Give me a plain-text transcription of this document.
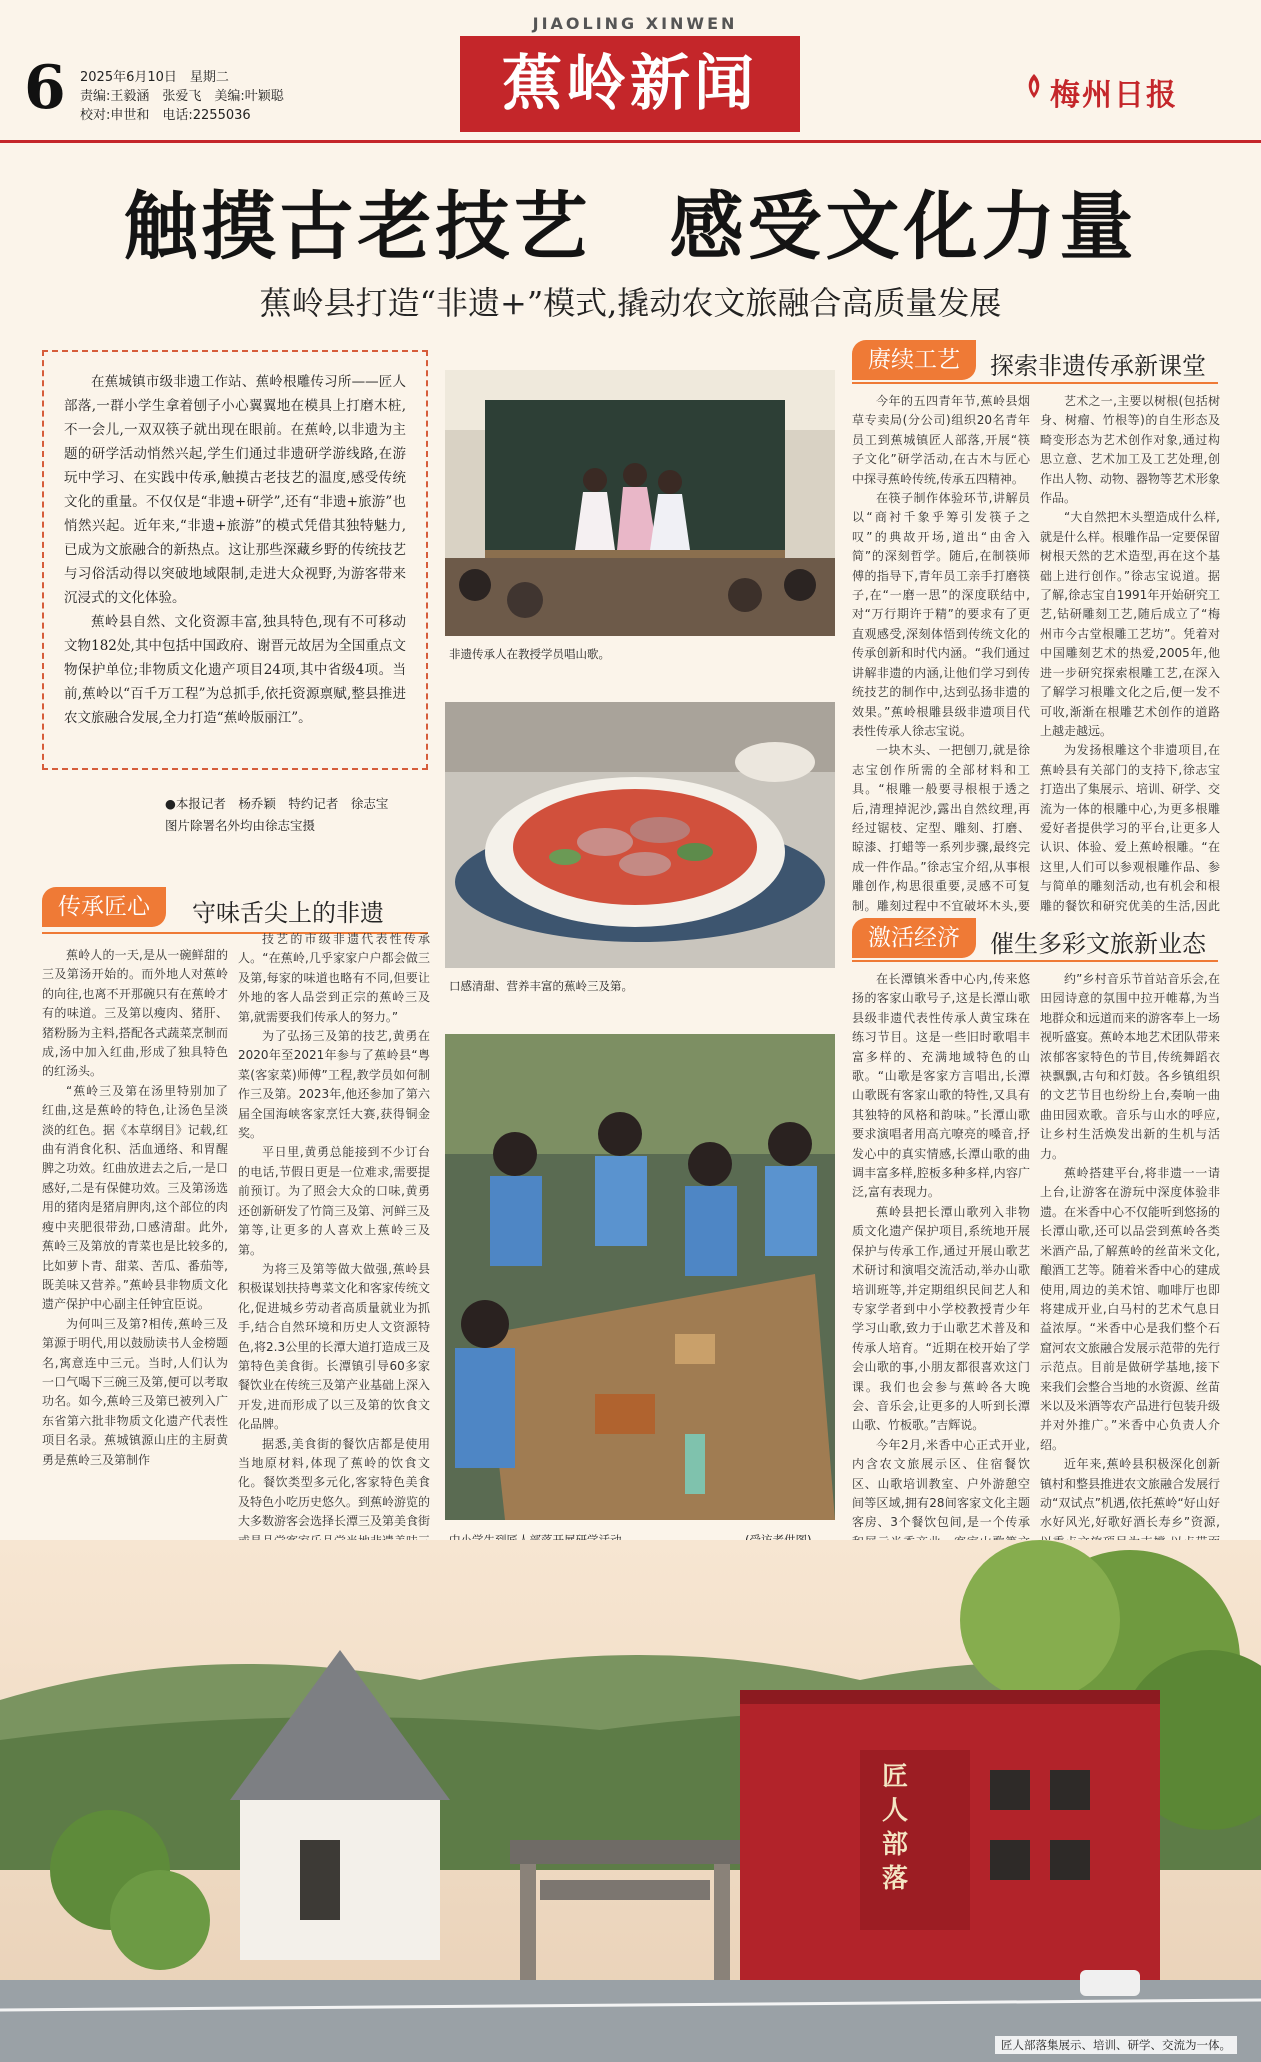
6 2025年6月10日　星期二
责编:王毅涵　张爱飞　美编:叶颖聪
校对:申世和　电话:2255036
JIAOLING XINWEN
蕉岭新闻	梅州日报
触摸古老技艺　感受文化力量
蕉岭县打造“非遗+”模式,撬动农文旅融合高质量发展

在蕉城镇市级非遗工作站、蕉岭根雕传习所——匠人部落,一群小学生拿着刨子小心翼翼地在模具上打磨木桩,不一会儿,一双双筷子就出现在眼前。在蕉岭,以非遗为主题的研学活动悄然兴起,学生们通过非遗研学游线路,在游玩中学习、在实践中传承,触摸古老技艺的温度,感受传统文化的重量。不仅仅是“非遗+研学”,还有“非遗+旅游”也悄然兴起。近年来,“非遗+旅游”的模式凭借其独特魅力,已成为文旅融合的新热点。这让那些深藏乡野的传统技艺与习俗活动得以突破地域限制,走进大众视野,为游客带来沉浸式的文化体验。

蕉岭县自然、文化资源丰富,独具特色,现有不可移动文物182处,其中包括中国政府、谢晋元故居为全国重点文物保护单位;非物质文化遗产项目24项,其中省级4项。当前,蕉岭以“百千万工程”为总抓手,依托资源禀赋,整县推进农文旅融合发展,全力打造“蕉岭版丽江”。

●本报记者　杨乔颖　特约记者　徐志宝
图片除署名外均由徐志宝摄
传承匠心	守味舌尖上的非遗

蕉岭人的一天,是从一碗鲜甜的三及第汤开始的。而外地人对蕉岭的向往,也离不开那碗只有在蕉岭才有的味道。三及第以瘦肉、猪肝、猪粉肠为主料,搭配各式蔬菜烹制而成,汤中加入红曲,形成了独具特色的红汤头。

“蕉岭三及第在汤里特别加了红曲,这是蕉岭的特色,让汤色呈淡淡的红色。据《本草纲目》记载,红曲有消食化积、活血通络、和胃醒脾之功效。红曲放进去之后,一是口感好,二是有保健功效。三及第汤选用的猪肉是猪肩胛肉,这个部位的肉瘦中夹肥很带劲,口感清甜。此外,蕉岭三及第放的青菜也是比较多的,比如萝卜青、甜菜、苦瓜、番茄等,既美味又营养。”蕉岭县非物质文化遗产保护中心副主任钟宜臣说。

为何叫三及第?相传,蕉岭三及第源于明代,用以鼓励读书人金榜题名,寓意连中三元。当时,人们认为一口气喝下三碗三及第,便可以考取功名。如今,蕉岭三及第已被列入广东省第六批非物质文化遗产代表性项目名录。蕉城镇源山庄的主厨黄勇是蕉岭三及第制作

技艺的市级非遗代表性传承人。“在蕉岭,几乎家家户户都会做三及第,每家的味道也略有不同,但要让外地的客人品尝到正宗的蕉岭三及第,就需要我们传承人的努力。”

为了弘扬三及第的技艺,黄勇在2020年至2021年参与了蕉岭县“粤菜(客家菜)师傅”工程,教学员如何制作三及第。2023年,他还参加了第六届全国海峡客家烹饪大赛,获得铜金奖。

平日里,黄勇总能接到不少订台的电话,节假日更是一位难求,需要提前预订。为了照会大众的口味,黄勇还创新研发了竹筒三及第、河鲜三及第等,让更多的人喜欢上蕉岭三及第。

为将三及第等做大做强,蕉岭县积极谋划扶持粤菜文化和客家传统文化,促进城乡劳动者高质量就业为抓手,结合自然环境和历史人文资源特色,将2.3公里的长潭大道打造成三及第特色美食街。长潭镇引导60多家餐饮业在传统三及第产业基础上深入开发,进而形成了以三及第的饮食文化品牌。

据悉,美食街的餐饮店都是使用当地原材料,体现了蕉岭的饮食文化。餐饮类型多元化,客家特色美食及特色小吃历史悠久。到蕉岭游览的大多数游客会选择长潭三及第美食街

非遗传承人在教授学员唱山歌。
口感清甜、营养丰富的蕉岭三及第。
赓续工艺	探索非遗传承新课堂

今年的五四青年节,蕉岭县烟草专卖局(分公司)组织20名青年员工到蕉城镇匠人部落,开展“筷子文化”研学活动,在古木与匠心中探寻蕉岭传统,传承五四精神。

在筷子制作体验环节,讲解员以“商衬千象乎筹引发筷子之叹”的典故开场,道出“由舍入简”的深刻哲学。随后,在制筷师傅的指导下,青年员工亲手打磨筷子,在“一磨一思”的深度联结中,对“万行期许于精”的要求有了更直观感受,深刻体悟到传统文化的传承创新和时代内涵。“我们通过讲解非遗的内涵,让他们学习到传统技艺的制作中,达到弘扬非遗的效果。”蕉岭根雕县级非遗项目代表性传承人徐志宝说。

一块木头、一把刨刀,就是徐志宝创作所需的全部材料和工具。“根雕一般要寻根根于透之后,清理掉泥沙,露出自然纹理,再经过锯枝、定型、雕刻、打磨、晾漆、打蜡等一系列步骤,最终完成一件作品。”徐志宝介绍,从事根雕创作,构思很重要,灵感不可复制。雕刻过程中不宜破坏木头,要

艺术之一,主要以树根(包括树身、树瘤、竹根等)的自生形态及畸变形态为艺术创作对象,通过构思立意、艺术加工及工艺处理,创作出人物、动物、器物等艺术形象作品。

“大自然把木头塑造成什么样,就是什么样。根雕作品一定要保留树根天然的艺术造型,再在这个基础上进行创作。”徐志宝说道。据了解,徐志宝自1991年开始研究工艺,钻研雕刻工艺,随后成立了“梅州市今古堂根雕工艺坊”。凭着对中国雕刻艺术的热爱,2005年,他进一步研究探索根雕工艺,在深入了解学习根雕文化之后,便一发不可收,渐渐在根雕艺术创作的道路上越走越远。

为发扬根雕这个非遗项目,在蕉岭县有关部门的支持下,徐志宝打造出了集展示、培训、研学、交流为一体的根雕中心,为更多根雕爱好者提供学习的平台,让更多人认识、体验、爱上蕉岭根雕。“在这里,人们可以参观根雕作品、参与简单的雕刻活动,也有机会和根雕的餐饮和研究优美的生活,因此

激活经济	催生多彩文旅新业态

在长潭镇米香中心内,传来悠扬的客家山歌号子,这是长潭山歌县级非遗代表性传承人黄宝珠在练习节目。这是一些旧时歌唱丰富多样的、充满地域特色的山歌。“山歌是客家方言唱出,长潭山歌既有客家山歌的特性,又具有其独特的风格和韵味。”长潭山歌要求演唱者用高亢嘹亮的嗓音,抒发心中的真实情感,长潭山歌的曲调丰富多样,腔板多种多样,内容广泛,富有表现力。

蕉岭县把长潭山歌列入非物质文化遗产保护项目,系统地开展保护与传承工作,通过开展山歌艺术研讨和演唱交流活动,举办山歌培训班等,并定期组织民间艺人和专家学者到中小学校教授青少年学习山歌,致力于山歌艺术普及和传承人培育。“近期在校开始了学会山歌的事,小朋友都很喜欢这门课。我们也会参与蕉岭各大晚会、音乐会,让更多的人听到长潭山歌、竹板歌。”吉辉说。

今年2月,米香中心正式开业,内含农文旅展示区、住宿餐饮区、山歌培训教室、户外游憩空间等区域,拥有28间客家文化主题客房、3个餐饮包间,是一个传承

约”乡村音乐节首站音乐会,在田园诗意的氛围中拉开帷幕,为当地群众和远道而来的游客奉上一场视听盛宴。蕉岭本地艺术团队带来浓郁客家特色的节目,传统舞蹈衣袂飘飘,古句和灯鼓。各乡镇组织的文艺节目也纷纷上台,奏响一曲曲田园欢歌。音乐与山水的呼应,让乡村生活焕发出新的生机与活力。

蕉岭搭建平台,将非遗一一请上台,让游客在游玩中深度体验非遗。在米香中心不仅能听到悠扬的长潭山歌,还可以品尝到蕉岭各类米酒产品,了解蕉岭的丝苗米文化,酿酒工艺等。随着米香中心的建成使用,周边的美术馆、咖啡厅也即将建成开业,白马村的艺术气息日益浓厚。“米香中心是我们整个石窟河农文旅融合发展示范带的先行示范点。目前是做研学基地,接下来我们会整合当地的水资源、丝苗米以及米酒等农产品进行包装升级并对外推广。”米香中心负责人介绍。

近年来,蕉岭县积极深化创新镇村和整县推进农文旅融合发展行动“双试点”机遇,依托蕉岭“好山好水好风光,好歌好酒长寿乡”资源,

匠人部落
匠人部落集展示、培训、研学、交流为一体。
